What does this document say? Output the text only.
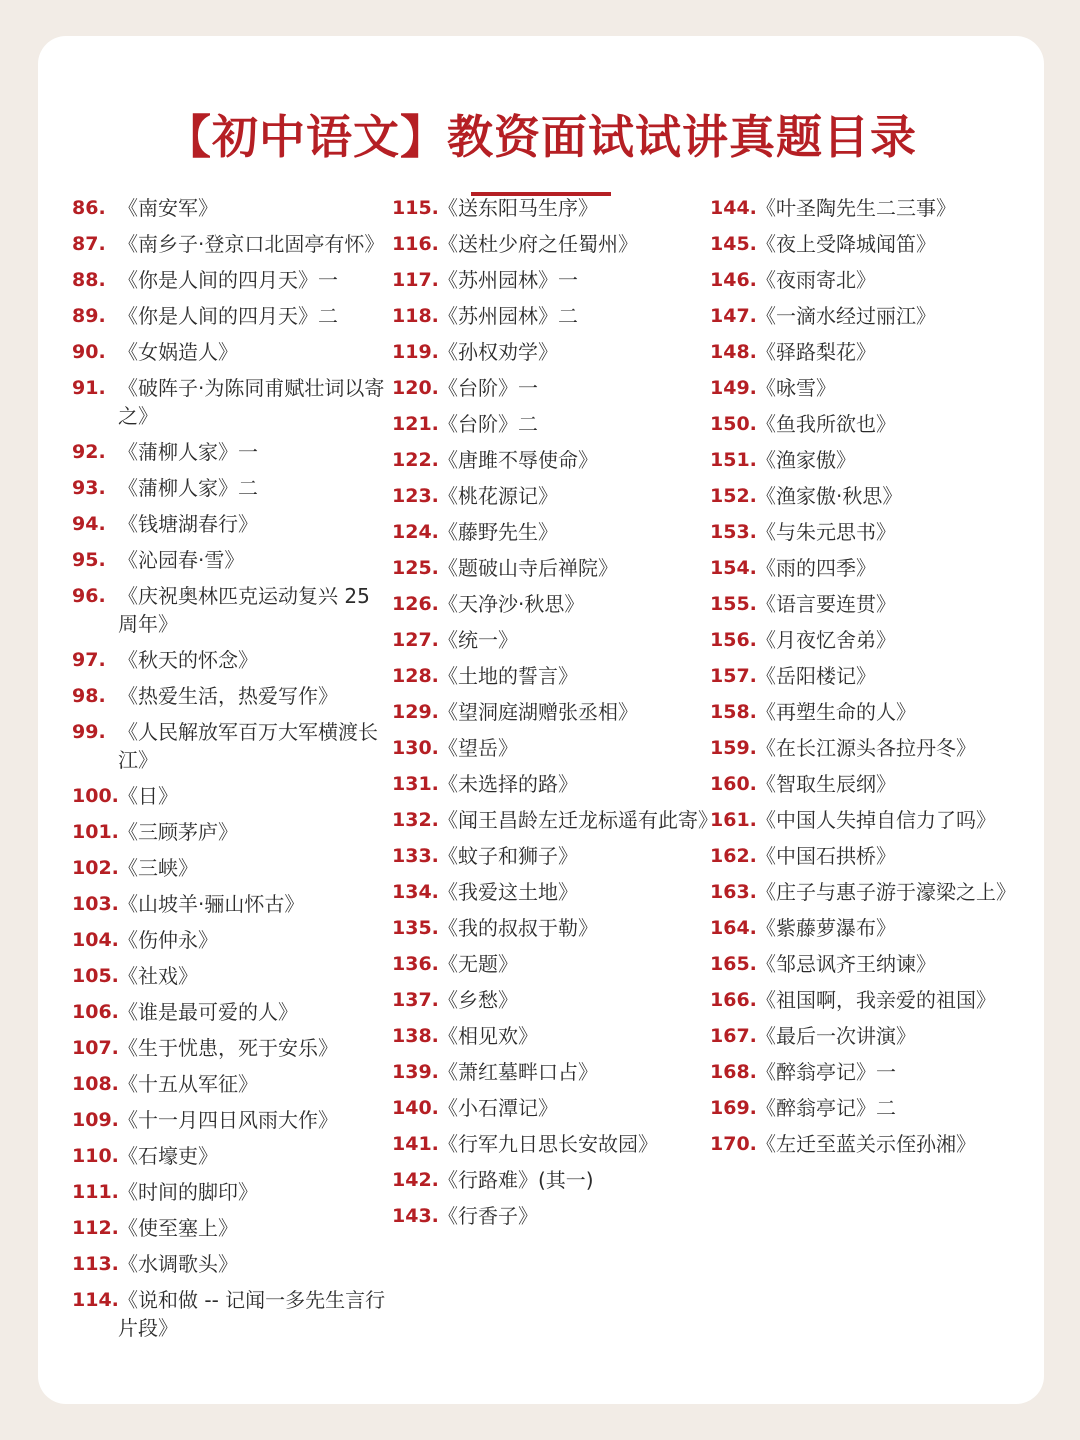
【初中语文】教资面试试讲真题目录
86. 《南安军》
87. 《南乡子·登京口北固亭有怀》
88. 《你是人间的四月天》一
89. 《你是人间的四月天》二
90. 《女娲造人》
91. 《破阵子·为陈同甫赋壮词以寄之》
92. 《蒲柳人家》一
93. 《蒲柳人家》二
94. 《钱塘湖春行》
95. 《沁园春·雪》
96. 《庆祝奥林匹克运动复兴 25 周年》
97. 《秋天的怀念》
98. 《热爱生活，热爱写作》
99. 《人民解放军百万大军横渡长江》
100. 《日》
101. 《三顾茅庐》
102. 《三峡》
103. 《山坡羊·骊山怀古》
104. 《伤仲永》
105. 《社戏》
106. 《谁是最可爱的人》
107. 《生于忧患，死于安乐》
108. 《十五从军征》
109. 《十一月四日风雨大作》
110. 《石壕吏》
111. 《时间的脚印》
112. 《使至塞上》
113. 《水调歌头》
114. 《说和做 -- 记闻一多先生言行片段》
115. 《送东阳马生序》
116. 《送杜少府之任蜀州》
117. 《苏州园林》一
118. 《苏州园林》二
119. 《孙权劝学》
120. 《台阶》一
121. 《台阶》二
122. 《唐雎不辱使命》
123. 《桃花源记》
124. 《藤野先生》
125. 《题破山寺后禅院》
126. 《天净沙·秋思》
127. 《统一》
128. 《土地的誓言》
129. 《望洞庭湖赠张丞相》
130. 《望岳》
131. 《未选择的路》
132. 《闻王昌龄左迁龙标遥有此寄》
133. 《蚊子和狮子》
134. 《我爱这土地》
135. 《我的叔叔于勒》
136. 《无题》
137. 《乡愁》
138. 《相见欢》
139. 《萧红墓畔口占》
140. 《小石潭记》
141. 《行军九日思长安故园》
142. 《行路难》(其一)
143. 《行香子》
144. 《叶圣陶先生二三事》
145. 《夜上受降城闻笛》
146. 《夜雨寄北》
147. 《一滴水经过丽江》
148. 《驿路梨花》
149. 《咏雪》
150. 《鱼我所欲也》
151. 《渔家傲》
152. 《渔家傲·秋思》
153. 《与朱元思书》
154. 《雨的四季》
155. 《语言要连贯》
156. 《月夜忆舍弟》
157. 《岳阳楼记》
158. 《再塑生命的人》
159. 《在长江源头各拉丹冬》
160. 《智取生辰纲》
161. 《中国人失掉自信力了吗》
162. 《中国石拱桥》
163. 《庄子与惠子游于濠梁之上》
164. 《紫藤萝瀑布》
165. 《邹忌讽齐王纳谏》
166. 《祖国啊，我亲爱的祖国》
167. 《最后一次讲演》
168. 《醉翁亭记》一
169. 《醉翁亭记》二
170. 《左迁至蓝关示侄孙湘》
